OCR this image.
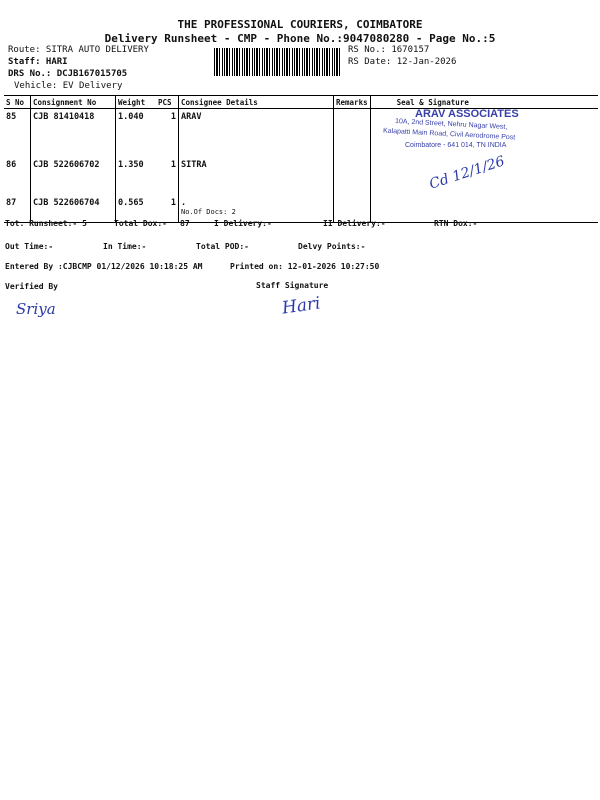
THE PROFESSIONAL COURIERS, COIMBATORE
Delivery Runsheet - CMP - Phone No.:9047080280 - Page No.:5
Route: SITRA AUTO DELIVERY
Staff: HARI
DRS No.: DCJB167015705
Vehicle: EV Delivery
RS No.: 1670157
RS Date: 12-Jan-2026
S No	Consignment No	Weight	PCS	Consignee Details	Remarks	Seal & Signature
85	CJB 81410418	1.040	1	ARAV		
86	CJB 522606702	1.350	1	SITRA		
87	CJB 522606704	0.565	1	.
No.Of Docs: 2		

ARAV ASSOCIATES
10A, 2nd Street, Nehru Nagar West,
Kalapatti Main Road, Civil Aerodrome Post
Coimbatore - 641 014, TN INDIA
Cd 12/1/26
Tot. Runsheet:- 5	Total Dox:- 87	I Delivery:-	II Delivery:-	RTN Dox:-
Out Time:-	In Time:-	Total POD:-	Delvy Points:-
Entered By :CJBCMP 01/12/2026 10:18:25 AM	Printed on: 12-01-2026 10:27:50
Verified By	Staff Signature
Sriya	Hari
